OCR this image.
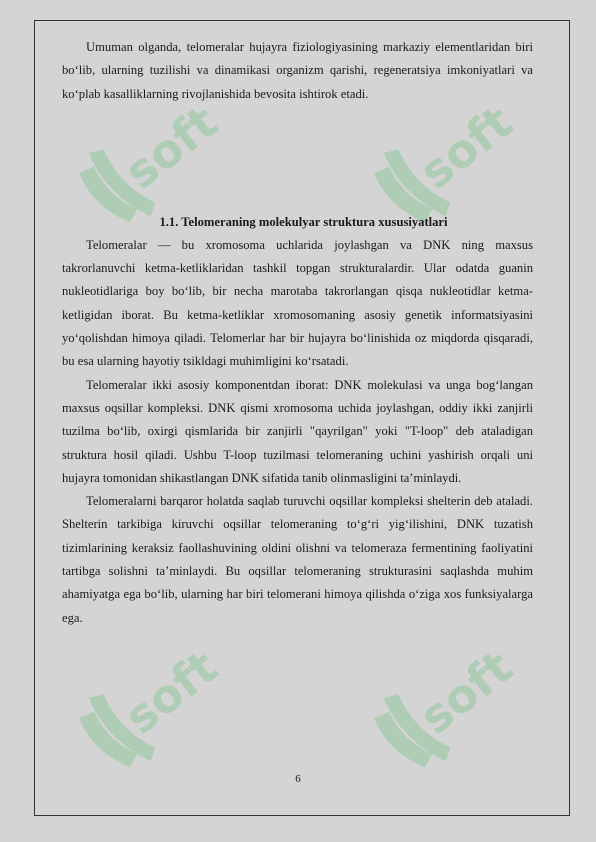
soft	soft
soft	soft

Umuman olganda, telomeralar hujayra fiziologiyasining markaziy elementlaridan biri bo‘lib, ularning tuzilishi va dinamikasi organizm qarishi, regeneratsiya imkoniyatlari va ko‘plab kasalliklarning rivojlanishida bevosita ishtirok etadi.

1.1. Telomeraning molekulyar struktura xususiyatlari

Telomeralar — bu xromosoma uchlarida joylashgan va DNK ning maxsus takrorlanuvchi ketma-ketliklaridan tashkil topgan strukturalardir. Ular odatda guanin nukleotidlariga boy bo‘lib, bir necha marotaba takrorlangan qisqa nukleotidlar ketma-ketligidan iborat. Bu ketma-ketliklar xromosomaning asosiy genetik informatsiyasini yo‘qolishdan himoya qiladi. Telomerlar har bir hujayra bo‘linishida oz miqdorda qisqaradi, bu esa ularning hayotiy tsikldagi muhimligini ko‘rsatadi.

Telomeralar ikki asosiy komponentdan iborat: DNK molekulasi va unga bog‘langan maxsus oqsillar kompleksi. DNK qismi xromosoma uchida joylashgan, oddiy ikki zanjirli tuzilma bo‘lib, oxirgi qismlarida bir zanjirli "qayrilgan" yoki "T-loop" deb ataladigan struktura hosil qiladi. Ushbu T-loop tuzilmasi telomeraning uchini yashirish orqali uni hujayra tomonidan shikastlangan DNK sifatida tanib olinmasligini ta’minlaydi.

Telomeralarni barqaror holatda saqlab turuvchi oqsillar kompleksi shelterin deb ataladi. Shelterin tarkibiga kiruvchi oqsillar telomeraning to‘g‘ri yig‘ilishini, DNK tuzatish tizimlarining keraksiz faollashuvining oldini olishni va telomeraza fermentining faoliyatini tartibga solishni ta’minlaydi. Bu oqsillar telomeraning strukturasini saqlashda muhim ahamiyatga ega bo‘lib, ularning har biri telomerani himoya qilishda o‘ziga xos funksiyalarga ega.

6
